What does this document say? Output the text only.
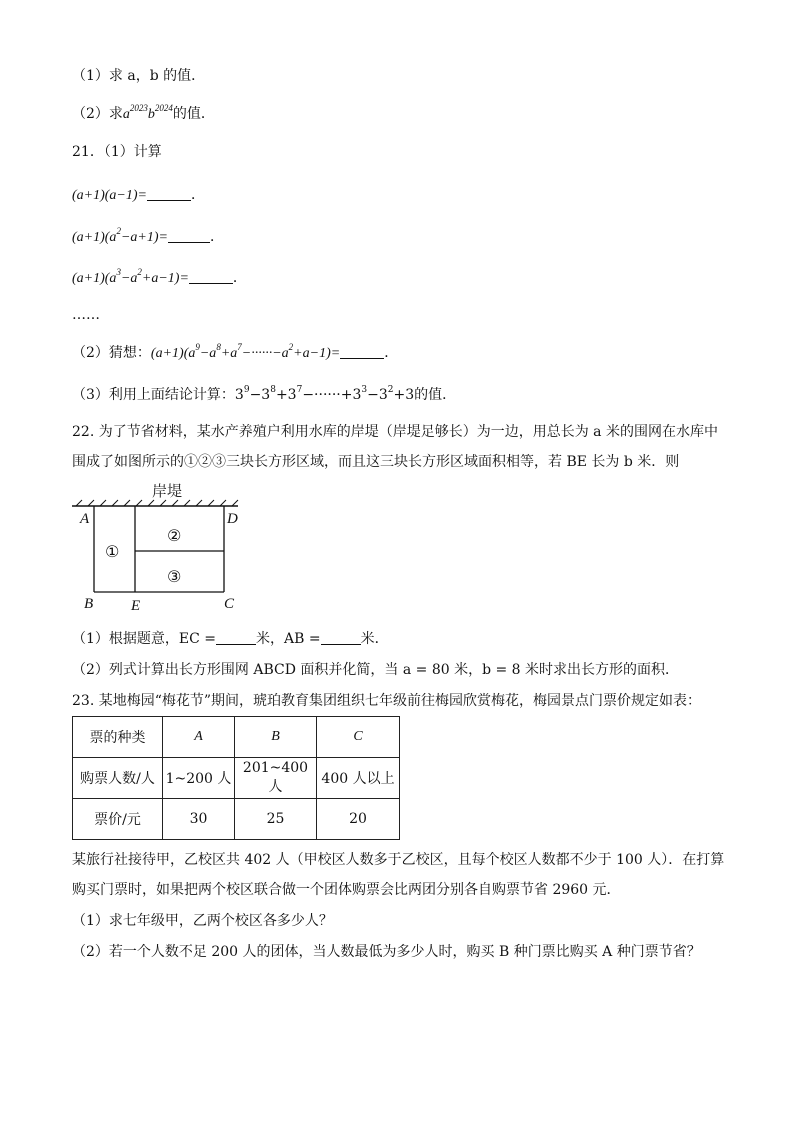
（1）求 a，b 的值．
（2）求$a^{2023}b^{2024}$的值．
21．（1）计算
(a+1)(a−1)=	．
$(a+1)(a^2-a+1)=$	．
$(a+1)(a^3-a^2+a-1)=$	．
……
（2）猜想：$(a+1)(a^9-a^8+a^7-\cdot\cdot\cdot\cdot\cdot\cdot-a^2+a-1)=$	．
（3）利用上面结论计算：$3^9-3^8+3^7-\cdot\cdot\cdot\cdot\cdot\cdot+3^3-3^2+3$的值．
22. 为了节省材料，某水产养殖户利用水库的岸堤（岸堤足够长）为一边，用总长为 a 米的围网在水库中
围成了如图所示的①②③三块长方形区域，而且这三块长方形区域面积相等，若 BE 长为 b 米．则
岸堤
A	D
B	E	C
①
②
③
（1）根据题意，EC =	米，AB =	米．
（2）列式计算出长方形围网 ABCD 面积并化简，当 a = 80 米，b = 8 米时求出长方形的面积．
23. 某地梅园“梅花节”期间，琥珀教育集团组织七年级前往梅园欣赏梅花，梅园景点门票价规定如表：
票的种类	A	B	C
购票人数/人	1~200 人	201~400 人	400 人以上
票价/元	30	25	20
某旅行社接待甲，乙校区共 402 人（甲校区人数多于乙校区，且每个校区人数都不少于 100 人）．在打算
购买门票时，如果把两个校区联合做一个团体购票会比两团分别各自购票节省 2960 元．
（1）求七年级甲，乙两个校区各多少人？
（2）若一个人数不足 200 人的团体，当人数最低为多少人时，购买 B 种门票比购买 A 种门票节省？
